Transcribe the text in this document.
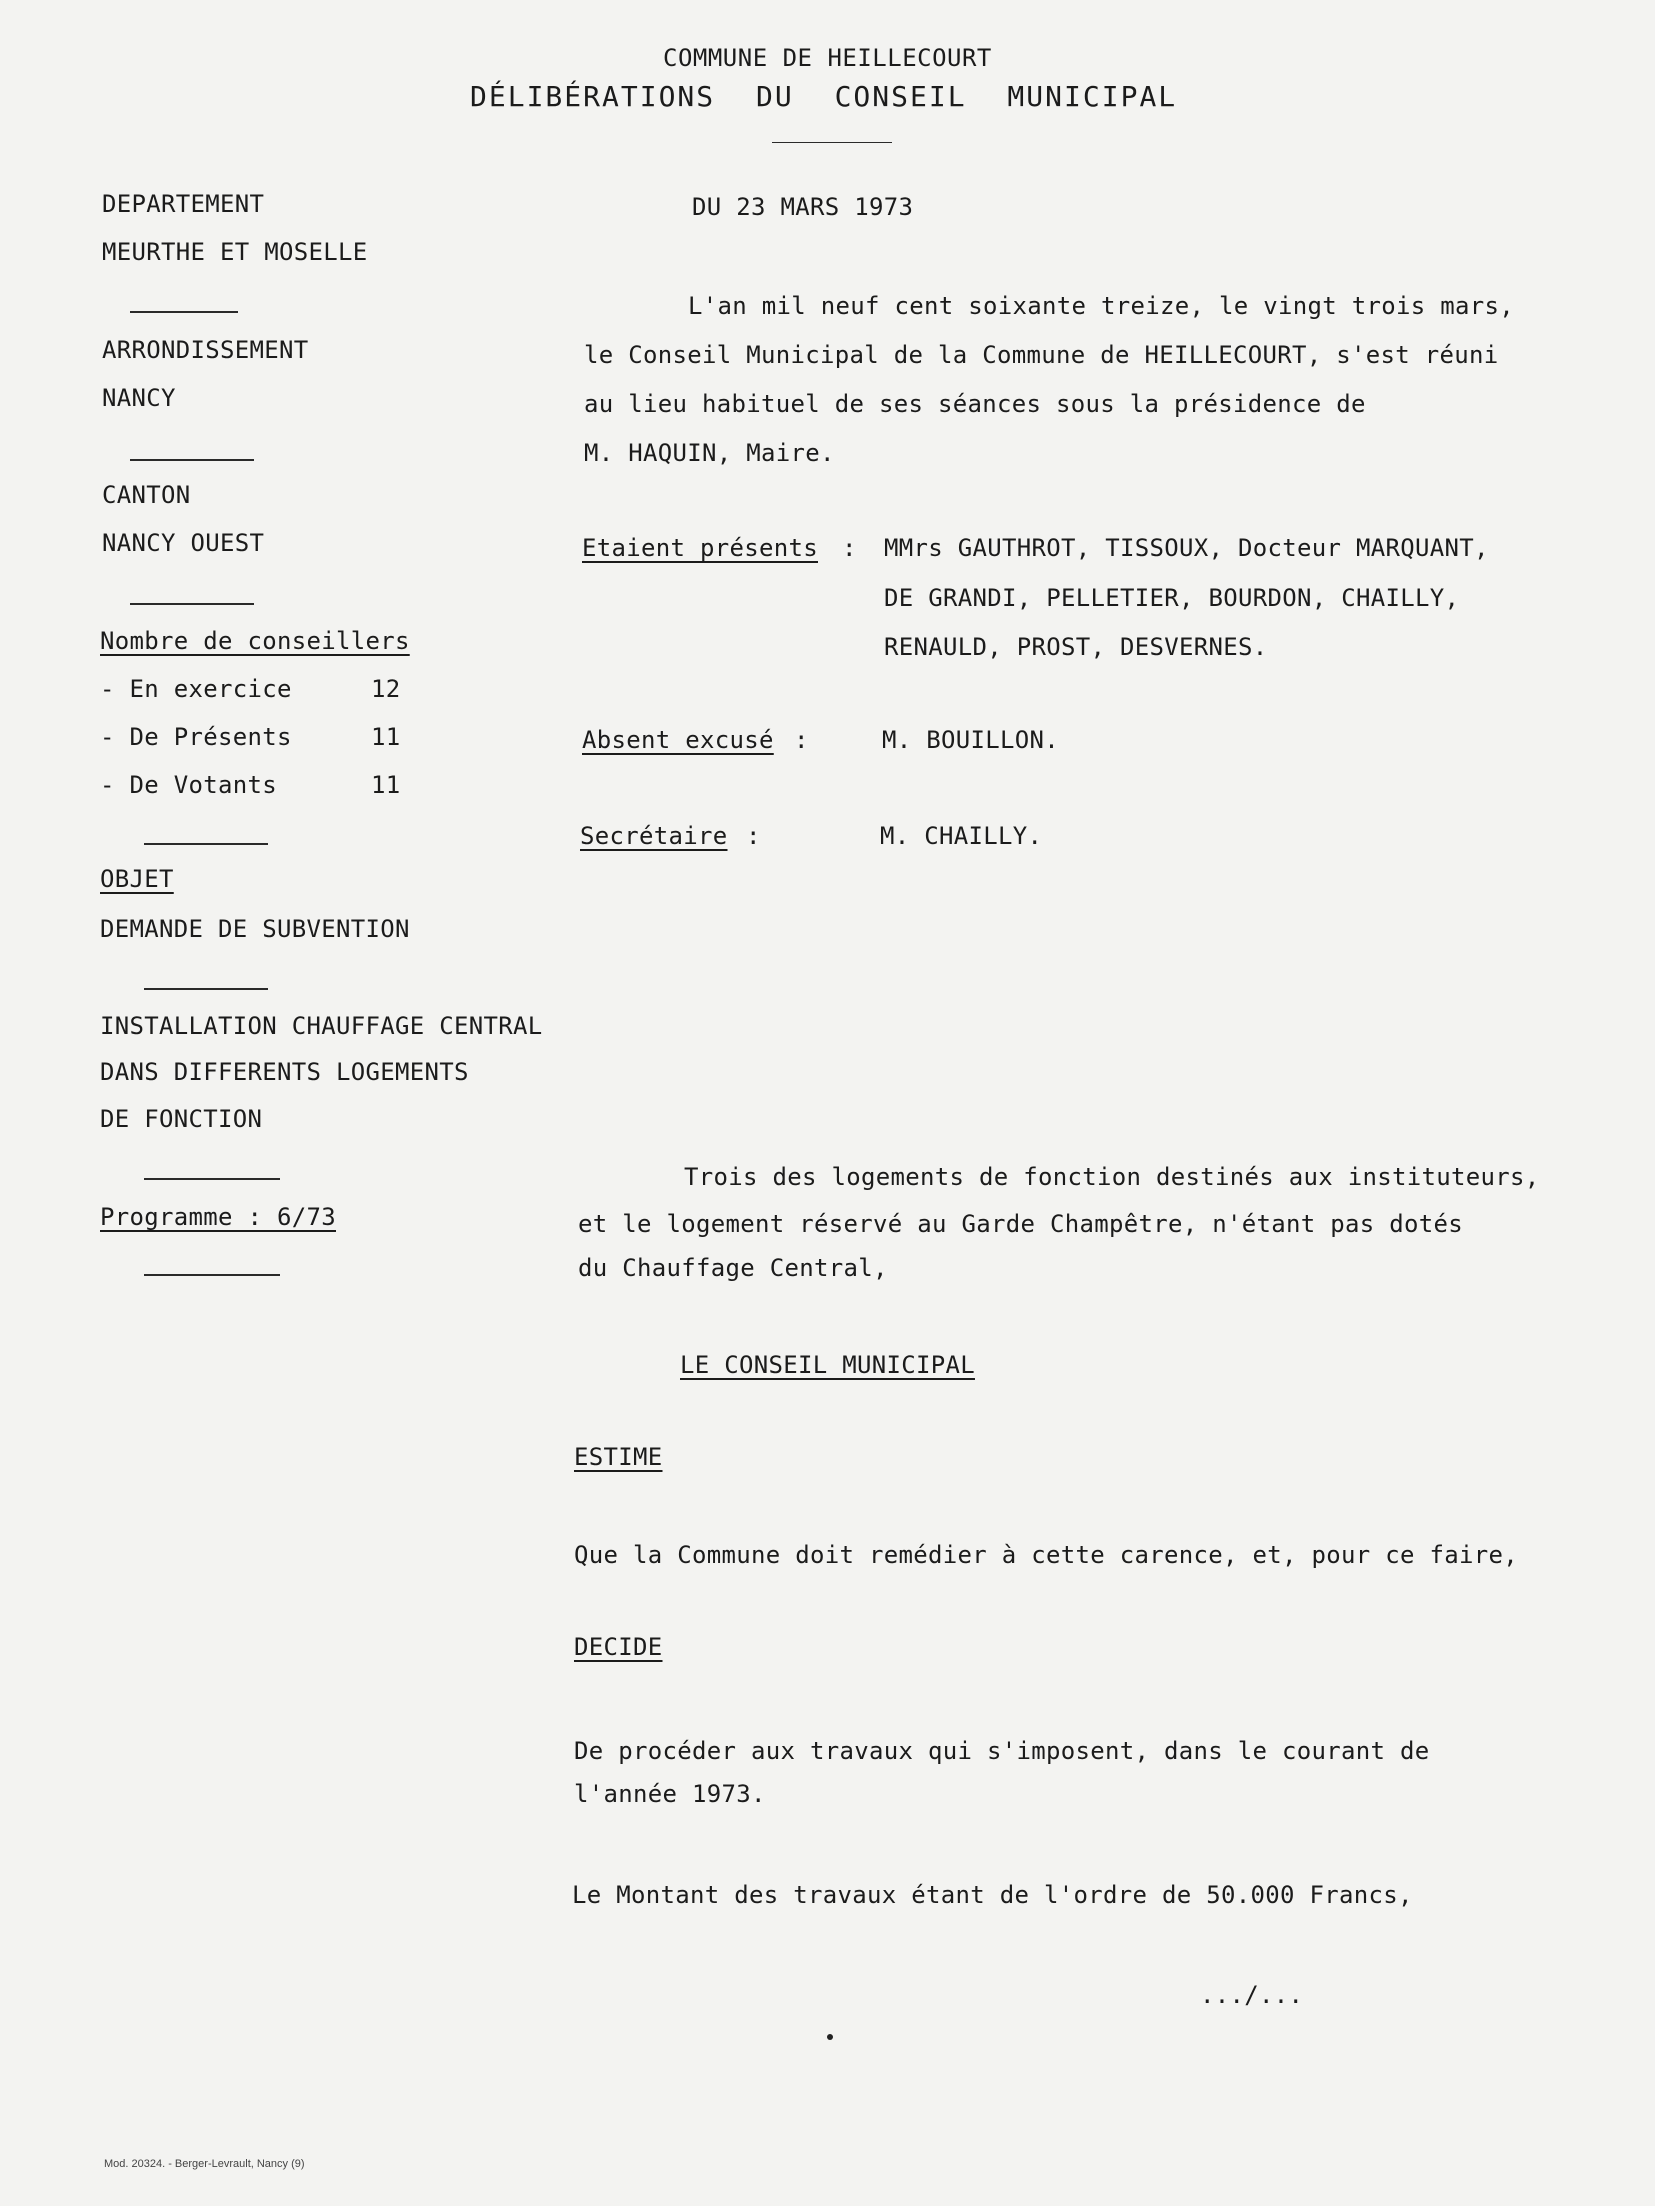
COMMUNE DE HEILLECOURT
DÉLIBÉRATIONS DU CONSEIL MUNICIPAL
DEPARTEMENT
MEURTHE ET MOSELLE
ARRONDISSEMENT
NANCY
CANTON
NANCY OUEST
Nombre de conseillers
- En exercice	12
- De Présents	11
- De Votants	11
OBJET
DEMANDE DE SUBVENTION
INSTALLATION CHAUFFAGE CENTRAL
DANS DIFFERENTS LOGEMENTS
DE FONCTION
Programme : 6/73
DU 23 MARS 1973
L'an mil neuf cent soixante treize, le vingt trois mars,
le Conseil Municipal de la Commune de HEILLECOURT, s'est réuni
au lieu habituel de ses séances sous la présidence de
M. HAQUIN, Maire.
Etaient présents : MMrs GAUTHROT, TISSOUX, Docteur MARQUANT,
DE GRANDI, PELLETIER, BOURDON, CHAILLY,
RENAULD, PROST, DESVERNES.
Absent excusé :	M. BOUILLON.
Secrétaire :	M. CHAILLY.
Trois des logements de fonction destinés aux instituteurs,
et le logement réservé au Garde Champêtre, n'étant pas dotés
du Chauffage Central,
LE CONSEIL MUNICIPAL
ESTIME
Que la Commune doit remédier à cette carence, et, pour ce faire,
DECIDE
De procéder aux travaux qui s'imposent, dans le courant de
l'année 1973.
Le Montant des travaux étant de l'ordre de 50.000 Francs,
.../...
Mod. 20324. - Berger-Levrault, Nancy (9)
